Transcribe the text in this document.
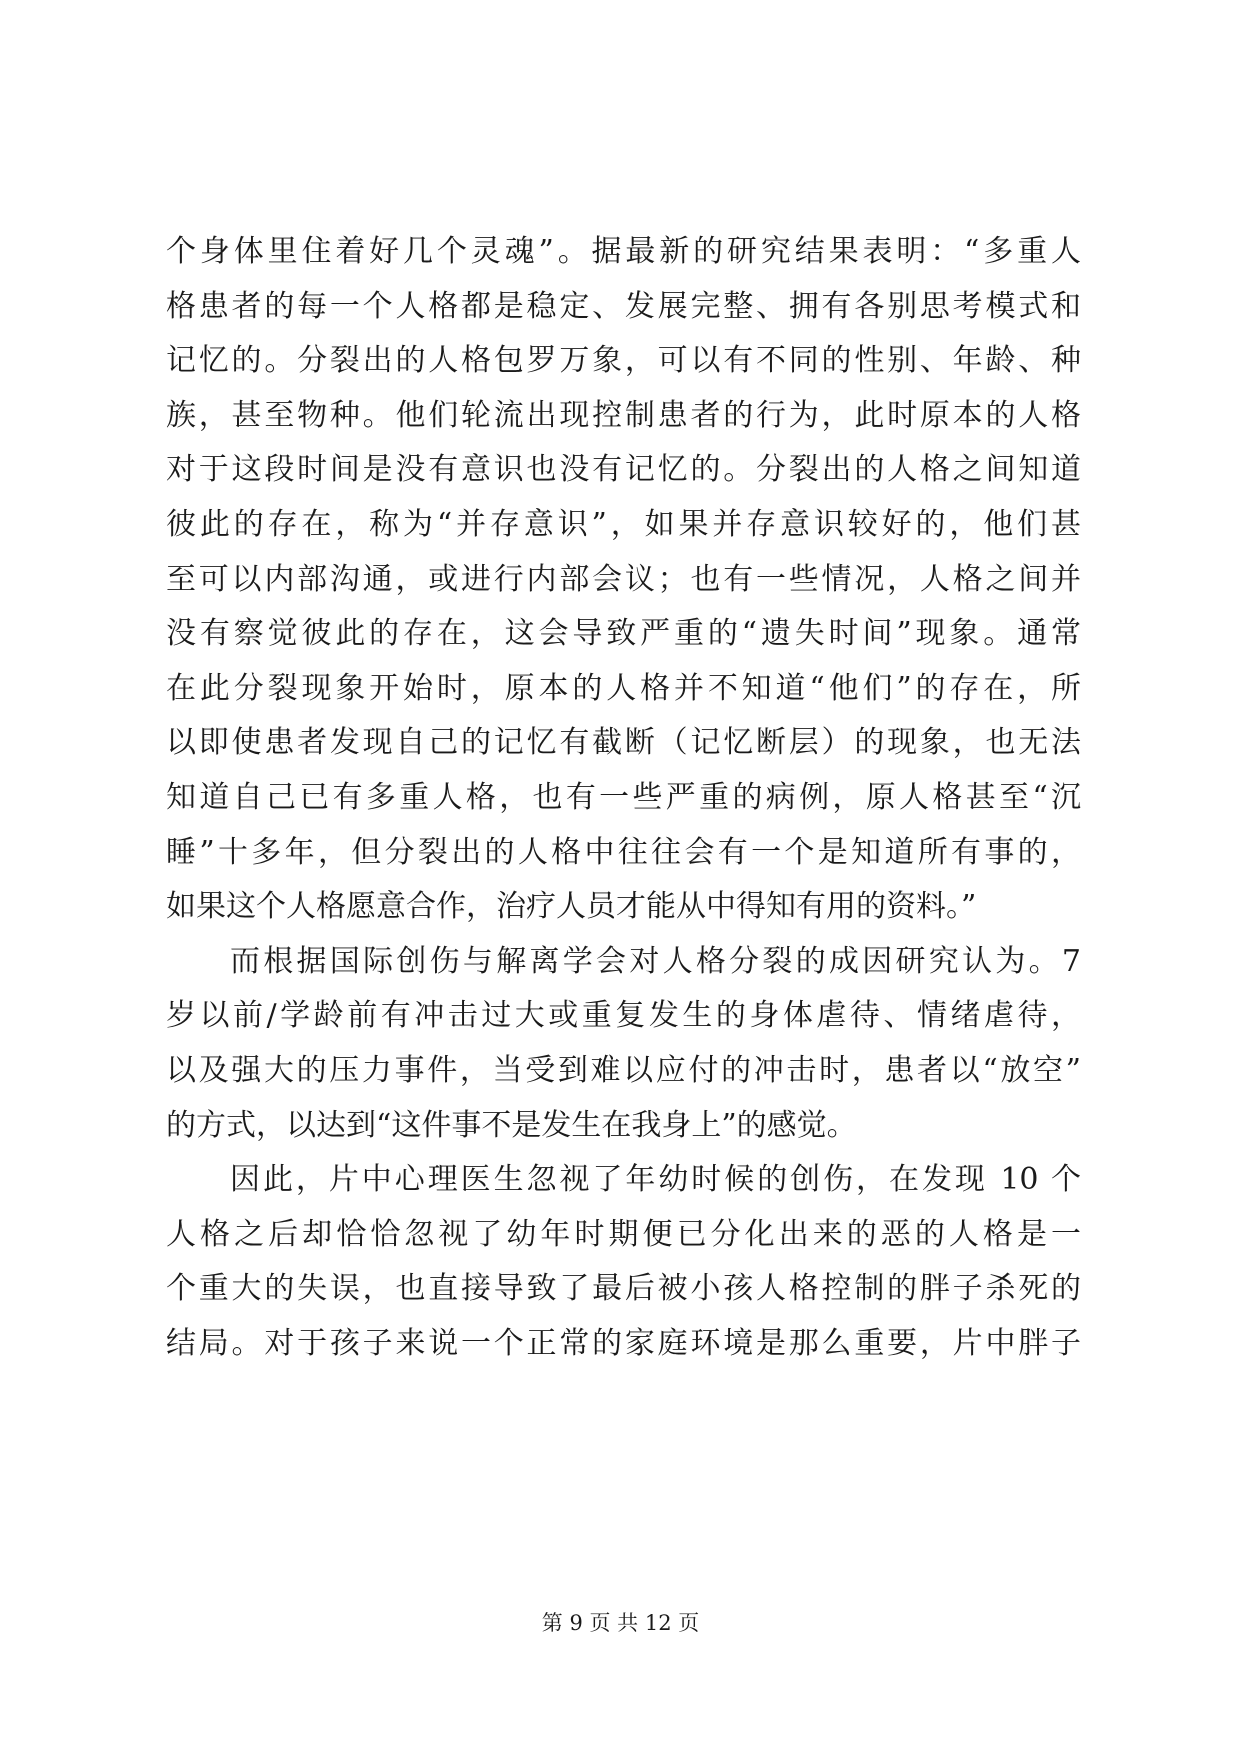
个身体里住着好几个灵魂”。据最新的研究结果表明：“多重人
格患者的每一个人格都是稳定、发展完整、拥有各别思考模式和
记忆的。分裂出的人格包罗万象，可以有不同的性别、年龄、种
族，甚至物种。他们轮流出现控制患者的行为，此时原本的人格
对于这段时间是没有意识也没有记忆的。分裂出的人格之间知道
彼此的存在，称为“并存意识”，如果并存意识较好的，他们甚
至可以内部沟通，或进行内部会议；也有一些情况，人格之间并
没有察觉彼此的存在，这会导致严重的“遗失时间”现象。通常
在此分裂现象开始时，原本的人格并不知道“他们”的存在，所
以即使患者发现自己的记忆有截断（记忆断层）的现象，也无法
知道自己已有多重人格，也有一些严重的病例，原人格甚至“沉
睡”十多年，但分裂出的人格中往往会有一个是知道所有事的，
如果这个人格愿意合作，治疗人员才能从中得知有用的资料。”
而根据国际创伤与解离学会对人格分裂的成因研究认为。7
岁以前/学龄前有冲击过大或重复发生的身体虐待、情绪虐待，
以及强大的压力事件，当受到难以应付的冲击时，患者以“放空”
的方式，以达到“这件事不是发生在我身上”的感觉。
因此，片中心理医生忽视了年幼时候的创伤，在发现 10 个
人格之后却恰恰忽视了幼年时期便已分化出来的恶的人格是一
个重大的失误，也直接导致了最后被小孩人格控制的胖子杀死的
结局。对于孩子来说一个正常的家庭环境是那么重要，片中胖子
第 9 页 共 12 页
